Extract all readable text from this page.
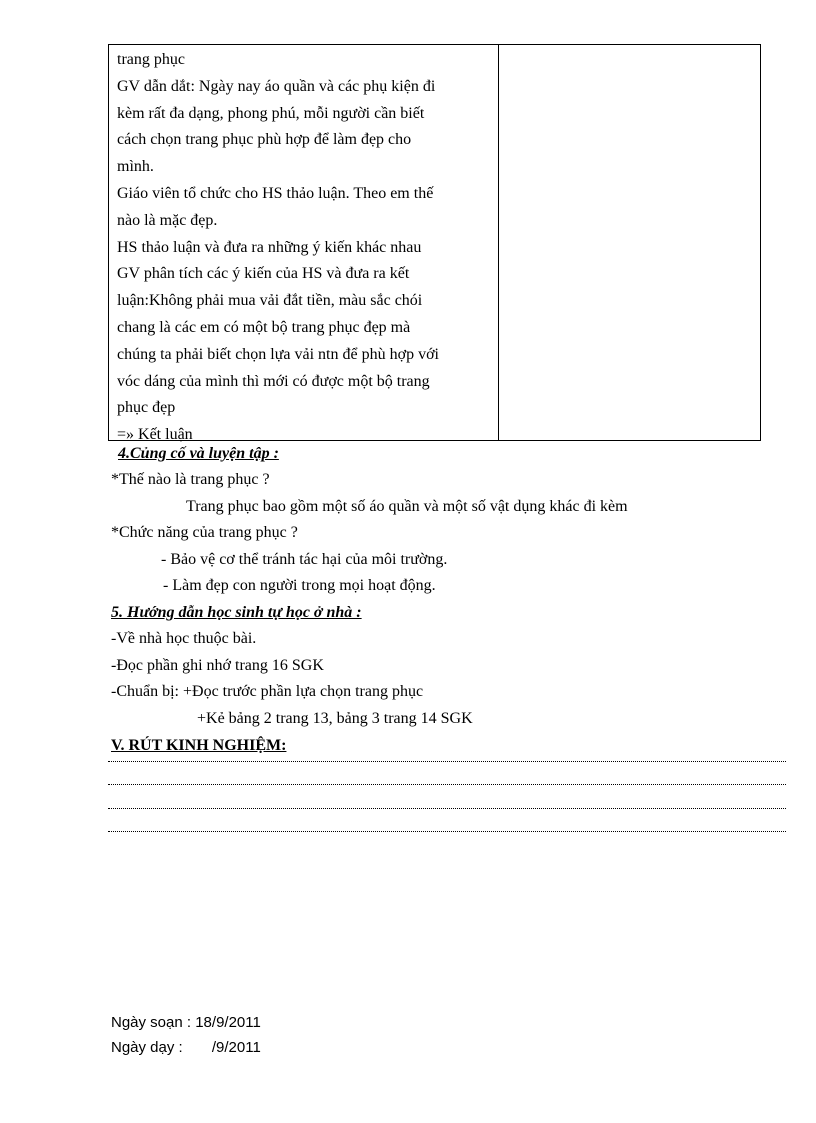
trang phục

GV dẫn dắt: Ngày nay áo quần và các phụ kiện đi

kèm rất đa dạng, phong phú, mỗi người cần biết

cách chọn trang phục phù hợp để làm đẹp cho

mình.

Giáo viên tổ chức cho HS thảo luận. Theo em thế

nào là mặc đẹp.

HS thảo luận và đưa ra những ý kiến khác nhau

GV phân tích các ý kiến của HS và đưa ra kết

luận:Không phải mua vải đắt tiền, màu sắc chói

chang là các em có một bộ trang phục đẹp mà

chúng ta phải biết chọn lựa vải ntn để phù hợp với

vóc dáng của mình thì mới có được một bộ trang

phục đẹp

=» Kết luận

4.Củng cố và luyện tập :
*Thế nào là trang phục ?
Trang phục bao gồm một số áo quần và một số vật dụng khác đi kèm
*Chức năng của trang phục ?
- Bảo vệ cơ thể tránh tác hại của môi trường.
- Làm đẹp con người trong mọi hoạt động.
5. Hướng dẫn học sinh tự học ở nhà :
-Về nhà học thuộc bài.
-Đọc phần ghi nhớ trang 16 SGK
-Chuẩn bị: +Đọc trước phần lựa chọn trang phục
+Kẻ bảng 2 trang 13, bảng 3 trang 14 SGK
V. RÚT KINH NGHIỆM:
Ngày soạn : 18/9/2011
Ngày dạy :       /9/2011
